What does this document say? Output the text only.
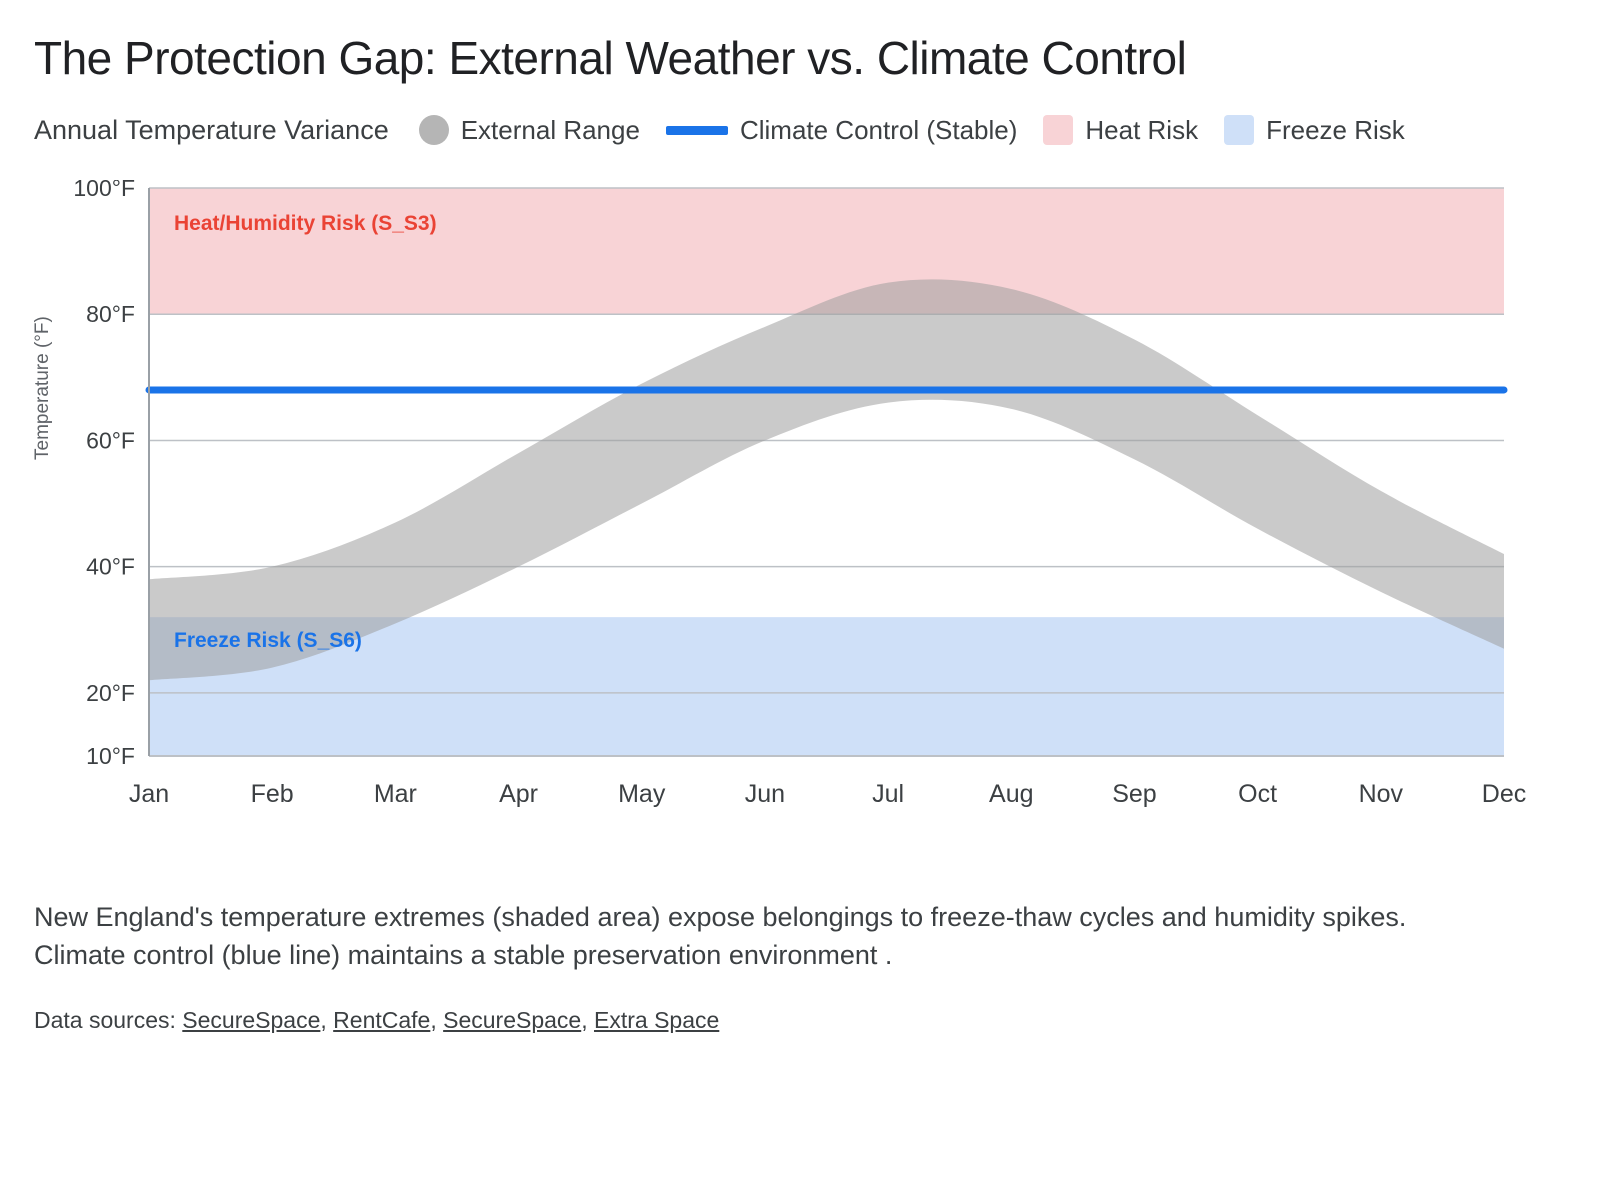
The Protection Gap: External Weather vs. Climate Control
Annual Temperature Variance	External Range	Climate Control (Stable)	Heat Risk	Freeze Risk
Temperature (°F)
10°F
20°F
40°F
60°F
80°F
100°F
Jan	Feb	Mar	Apr	May	Jun	Jul	Aug	Sep	Oct	Nov	Dec
Heat/Humidity Risk (S_S3)
Freeze Risk (S_S6)
New England's temperature extremes (shaded area) expose belongings to freeze-thaw cycles and humidity spikes.
Climate control (blue line) maintains a stable preservation environment .
Data sources: SecureSpace, RentCafe, SecureSpace, Extra Space
